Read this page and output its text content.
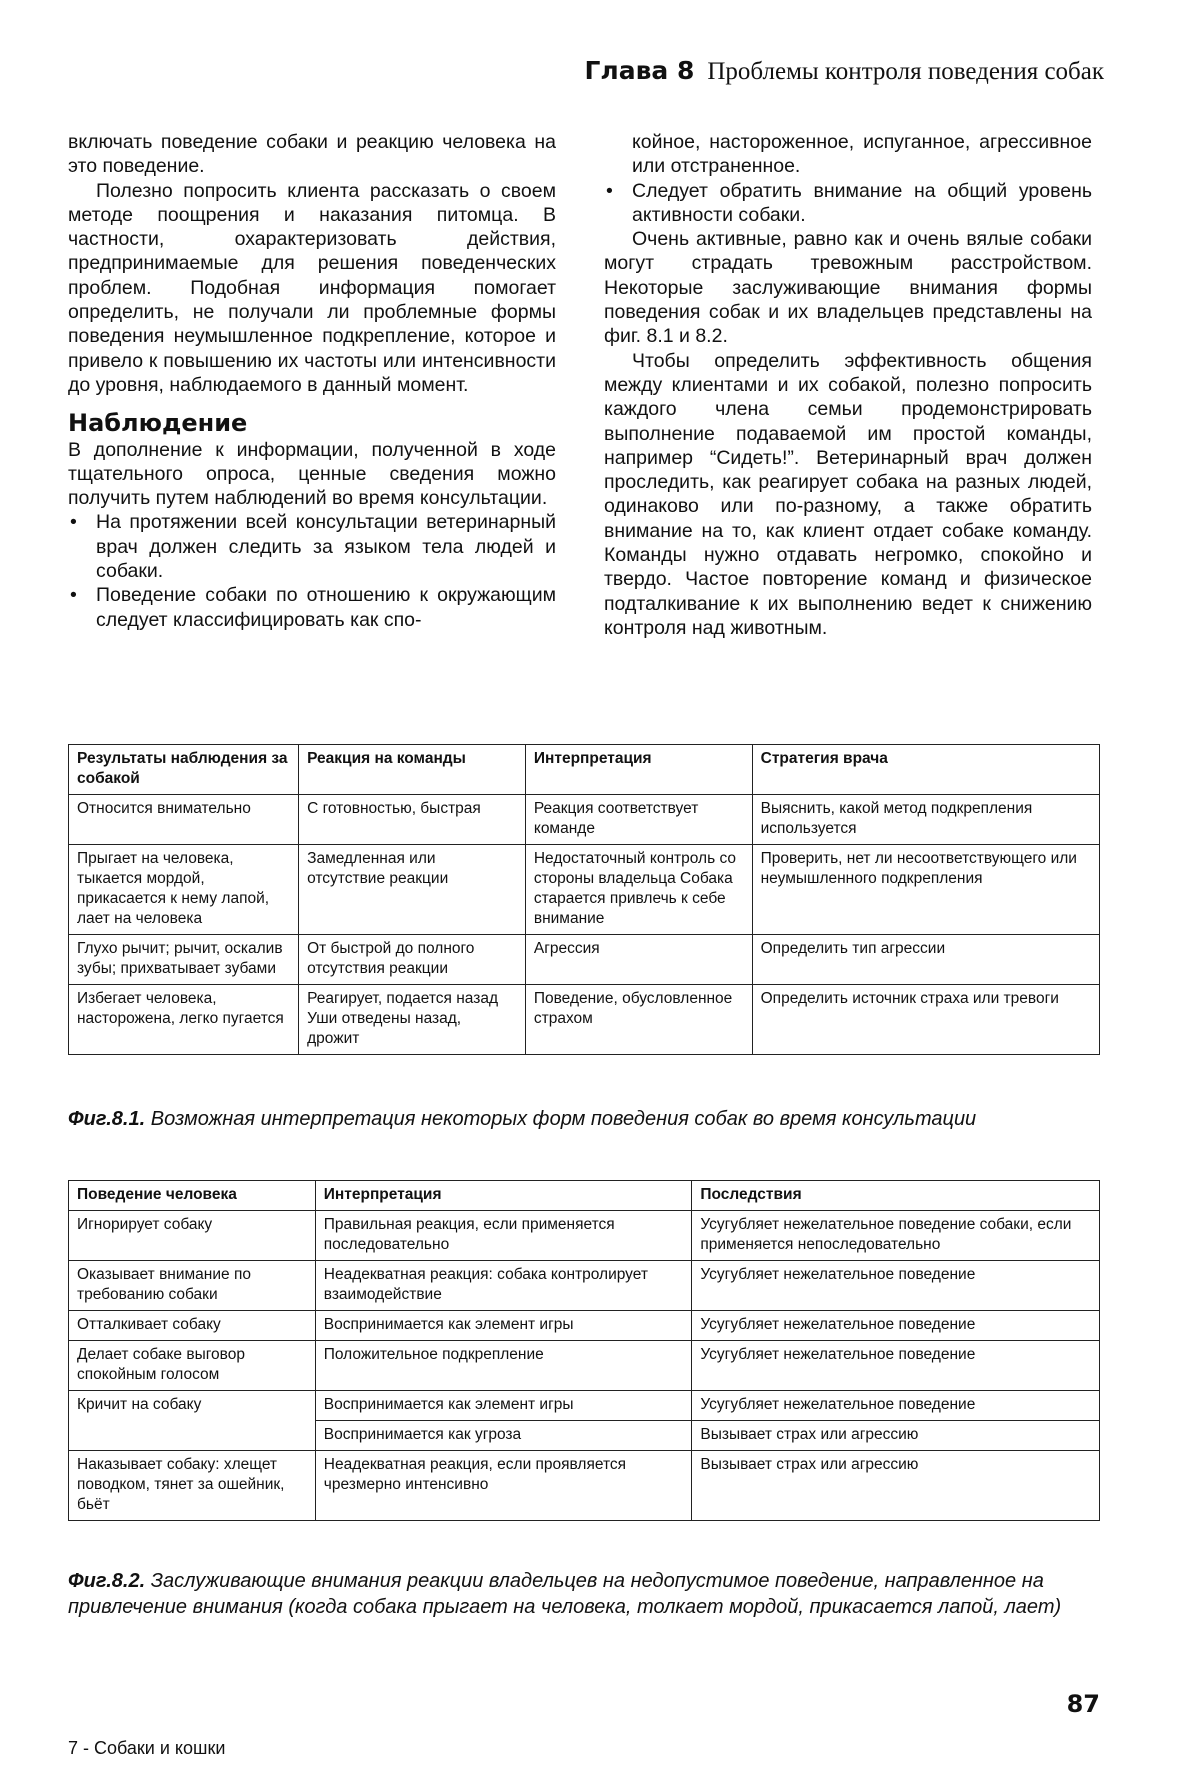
Глава 8 Проблемы контроля поведения собак

включать поведение собаки и реакцию человека на это поведение.

Полезно попросить клиента рассказать о своем методе поощрения и наказания питомца. В частности, охарактеризовать действия, предпринимаемые для решения поведенческих проблем. Подобная информация помогает определить, не получали ли проблемные формы поведения неумышленное подкрепление, которое и привело к повышению их частоты или интенсивности до уровня, наблюдаемого в данный момент.

Наблюдение

В дополнение к информации, полученной в ходе тщательного опроса, ценные сведения можно получить путем наблюдений во время консультации.

• На протяжении всей консультации ветеринарный врач должен следить за языком тела людей и собаки.
• Поведение собаки по отношению к окружающим следует классифицировать как спо-

койное, настороженное, испуганное, агрессивное или отстраненное.

• Следует обратить внимание на общий уровень активности собаки.

Очень активные, равно как и очень вялые собаки могут страдать тревожным расстройством. Некоторые заслуживающие внимания формы поведения собак и их владельцев представлены на фиг. 8.1 и 8.2.

Чтобы определить эффективность общения между клиентами и их собакой, полезно попросить каждого члена семьи продемонстрировать выполнение подаваемой им простой команды, например “Сидеть!”. Ветеринарный врач должен проследить, как реагирует собака на разных людей, одинаково или по-разному, а также обратить внимание на то, как клиент отдает собаке команду. Команды нужно отдавать негромко, спокойно и твердо. Частое повторение команд и физическое подталкивание к их выполнению ведет к снижению контроля над животным.

Результаты наблюдения за собакой	Реакция на команды	Интерпретация	Стратегия врача
Относится внимательно	С готовностью, быстрая	Реакция соответствует команде	Выяснить, какой метод подкрепления используется
Прыгает на человека, тыкается мордой, прикасается к нему лапой, лает на человека	Замедленная или отсутствие реакции	Недостаточный контроль со стороны владельца Собака старается привлечь к себе внимание	Проверить, нет ли несоответствующего или неумышленного подкрепления
Глухо рычит; рычит, оскалив зубы; прихватывает зубами	От быстрой до полного отсутствия реакции	Агрессия	Определить тип агрессии
Избегает человека, насторожена, легко пугается	Реагирует, подается назад Уши отведены назад, дрожит	Поведение, обусловленное страхом	Определить источник страха или тревоги
Фиг.8.1. Возможная интерпретация некоторых форм поведения собак во время консультации
Поведение человека	Интерпретация	Последствия
Игнорирует собаку	Правильная реакция, если применяется последовательно	Усугубляет нежелательное поведение собаки, если применяется непоследовательно
Оказывает внимание по требованию собаки	Неадекватная реакция: собака контролирует взаимодействие	Усугубляет нежелательное поведение
Отталкивает собаку	Воспринимается как элемент игры	Усугубляет нежелательное поведение
Делает собаке выговор спокойным голосом	Положительное подкрепление	Усугубляет нежелательное поведение
Кричит на собаку	Воспринимается как элемент игры	Усугубляет нежелательное поведение
	Воспринимается как угроза	Вызывает страх или агрессию
Наказывает собаку: хлещет поводком, тянет за ошейник, бьёт	Неадекватная реакция, если проявляется чрезмерно интенсивно	Вызывает страх или агрессию
Фиг.8.2. Заслуживающие внимания реакции владельцев на недопустимое поведение, направленное на привлечение внимания (когда собака прыгает на человека, толкает мордой, прикасается лапой, лает)
87
7 - Собаки и кошки
